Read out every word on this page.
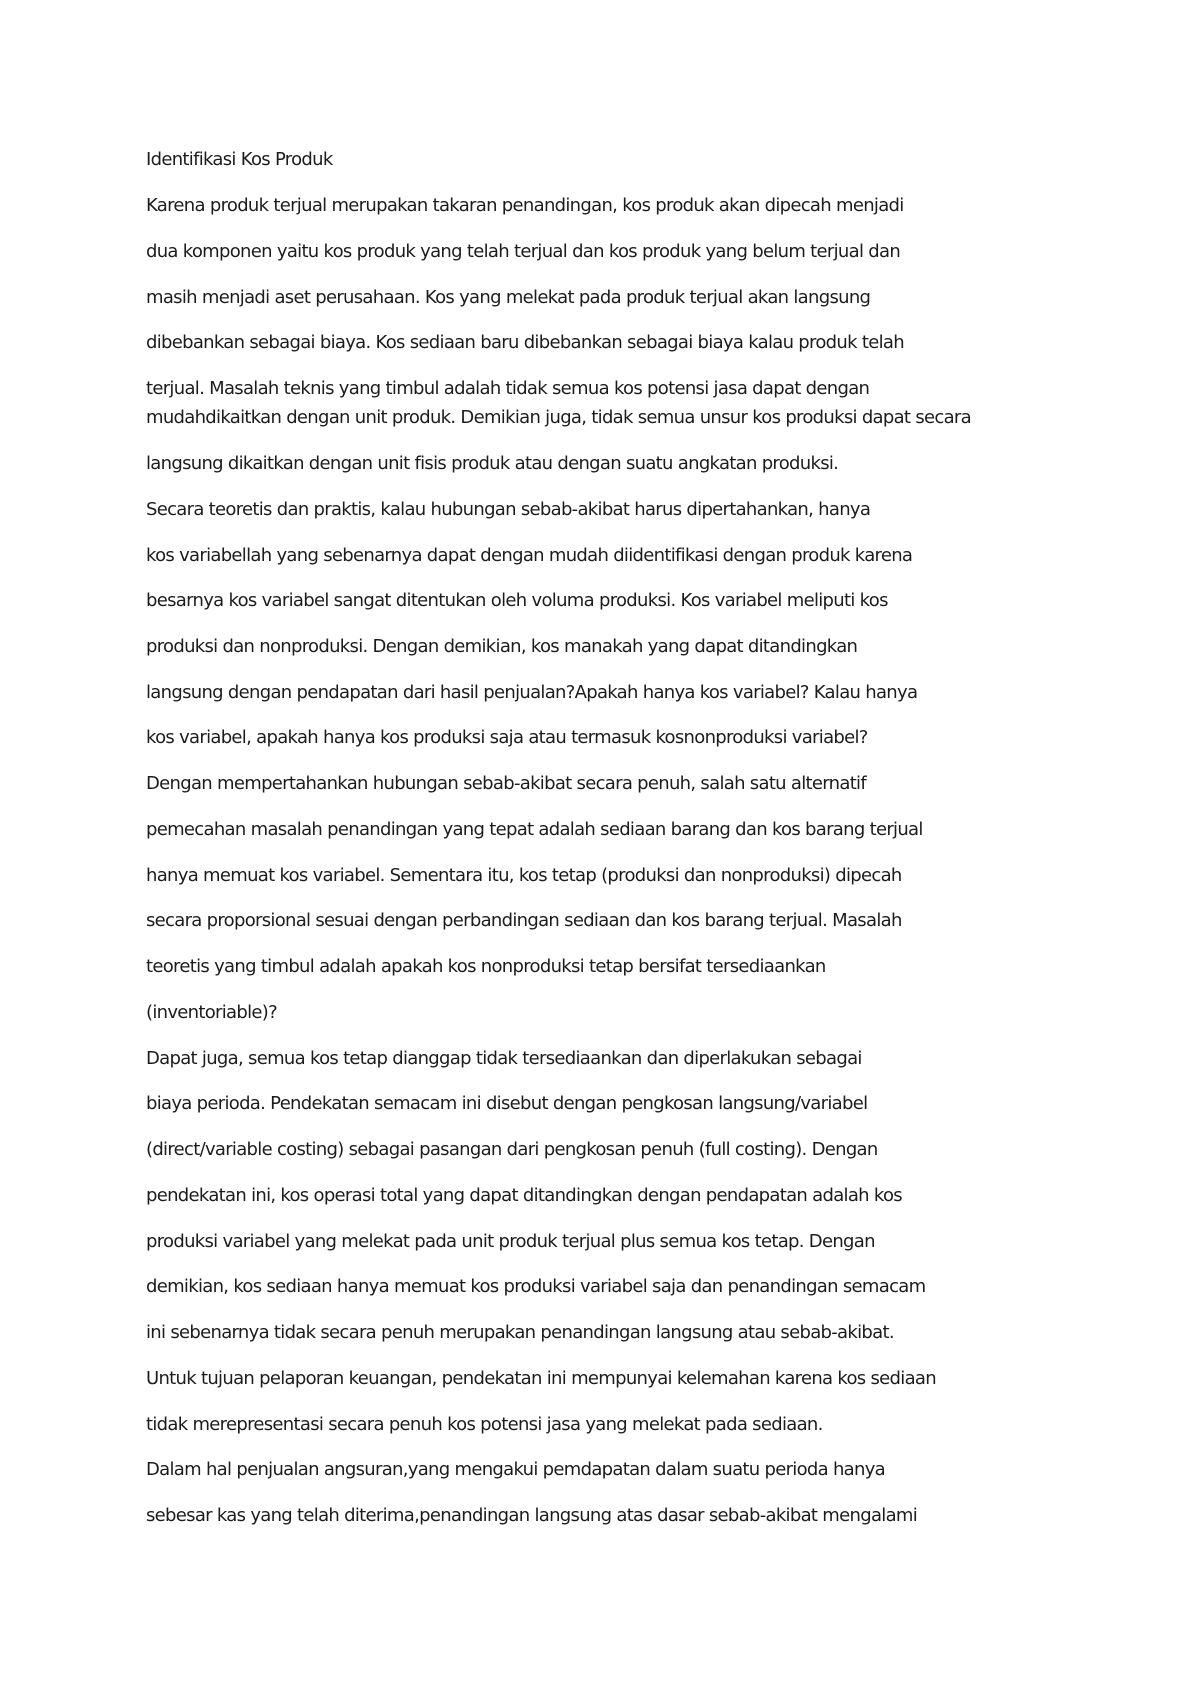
Identifikasi Kos Produk
Karena produk terjual merupakan takaran penandingan, kos produk akan dipecah menjadi
dua komponen yaitu kos produk yang telah terjual dan kos produk yang belum terjual dan
masih menjadi aset perusahaan. Kos yang melekat pada produk terjual akan langsung
dibebankan sebagai biaya. Kos sediaan baru dibebankan sebagai biaya kalau produk telah
terjual. Masalah teknis yang timbul adalah tidak semua kos potensi jasa dapat dengan
mudahdikaitkan dengan unit produk. Demikian juga, tidak semua unsur kos produksi dapat secara
langsung dikaitkan dengan unit fisis produk atau dengan suatu angkatan produksi.
Secara teoretis dan praktis, kalau hubungan sebab-akibat harus dipertahankan, hanya
kos variabellah yang sebenarnya dapat dengan mudah diidentifikasi dengan produk karena
besarnya kos variabel sangat ditentukan oleh voluma produksi. Kos variabel meliputi kos
produksi dan nonproduksi. Dengan demikian, kos manakah yang dapat ditandingkan
langsung dengan pendapatan dari hasil penjualan?Apakah hanya kos variabel? Kalau hanya
kos variabel, apakah hanya kos produksi saja atau termasuk kosnonproduksi variabel?
Dengan mempertahankan hubungan sebab-akibat secara penuh, salah satu alternatif
pemecahan masalah penandingan yang tepat adalah sediaan barang dan kos barang terjual
hanya memuat kos variabel. Sementara itu, kos tetap (produksi dan nonproduksi) dipecah
secara proporsional sesuai dengan perbandingan sediaan dan kos barang terjual. Masalah
teoretis yang timbul adalah apakah kos nonproduksi tetap bersifat tersediaankan
(inventoriable)?
Dapat juga, semua kos tetap dianggap tidak tersediaankan dan diperlakukan sebagai
biaya perioda. Pendekatan semacam ini disebut dengan pengkosan langsung/variabel
(direct/variable costing) sebagai pasangan dari pengkosan penuh (full costing). Dengan
pendekatan ini, kos operasi total yang dapat ditandingkan dengan pendapatan adalah kos
produksi variabel yang melekat pada unit produk terjual plus semua kos tetap. Dengan
demikian, kos sediaan hanya memuat kos produksi variabel saja dan penandingan semacam
ini sebenarnya tidak secara penuh merupakan penandingan langsung atau sebab-akibat.
Untuk tujuan pelaporan keuangan, pendekatan ini mempunyai kelemahan karena kos sediaan
tidak merepresentasi secara penuh kos potensi jasa yang melekat pada sediaan.
Dalam hal penjualan angsuran,yang mengakui pemdapatan dalam suatu perioda hanya
sebesar kas yang telah diterima,penandingan langsung atas dasar sebab-akibat mengalami
